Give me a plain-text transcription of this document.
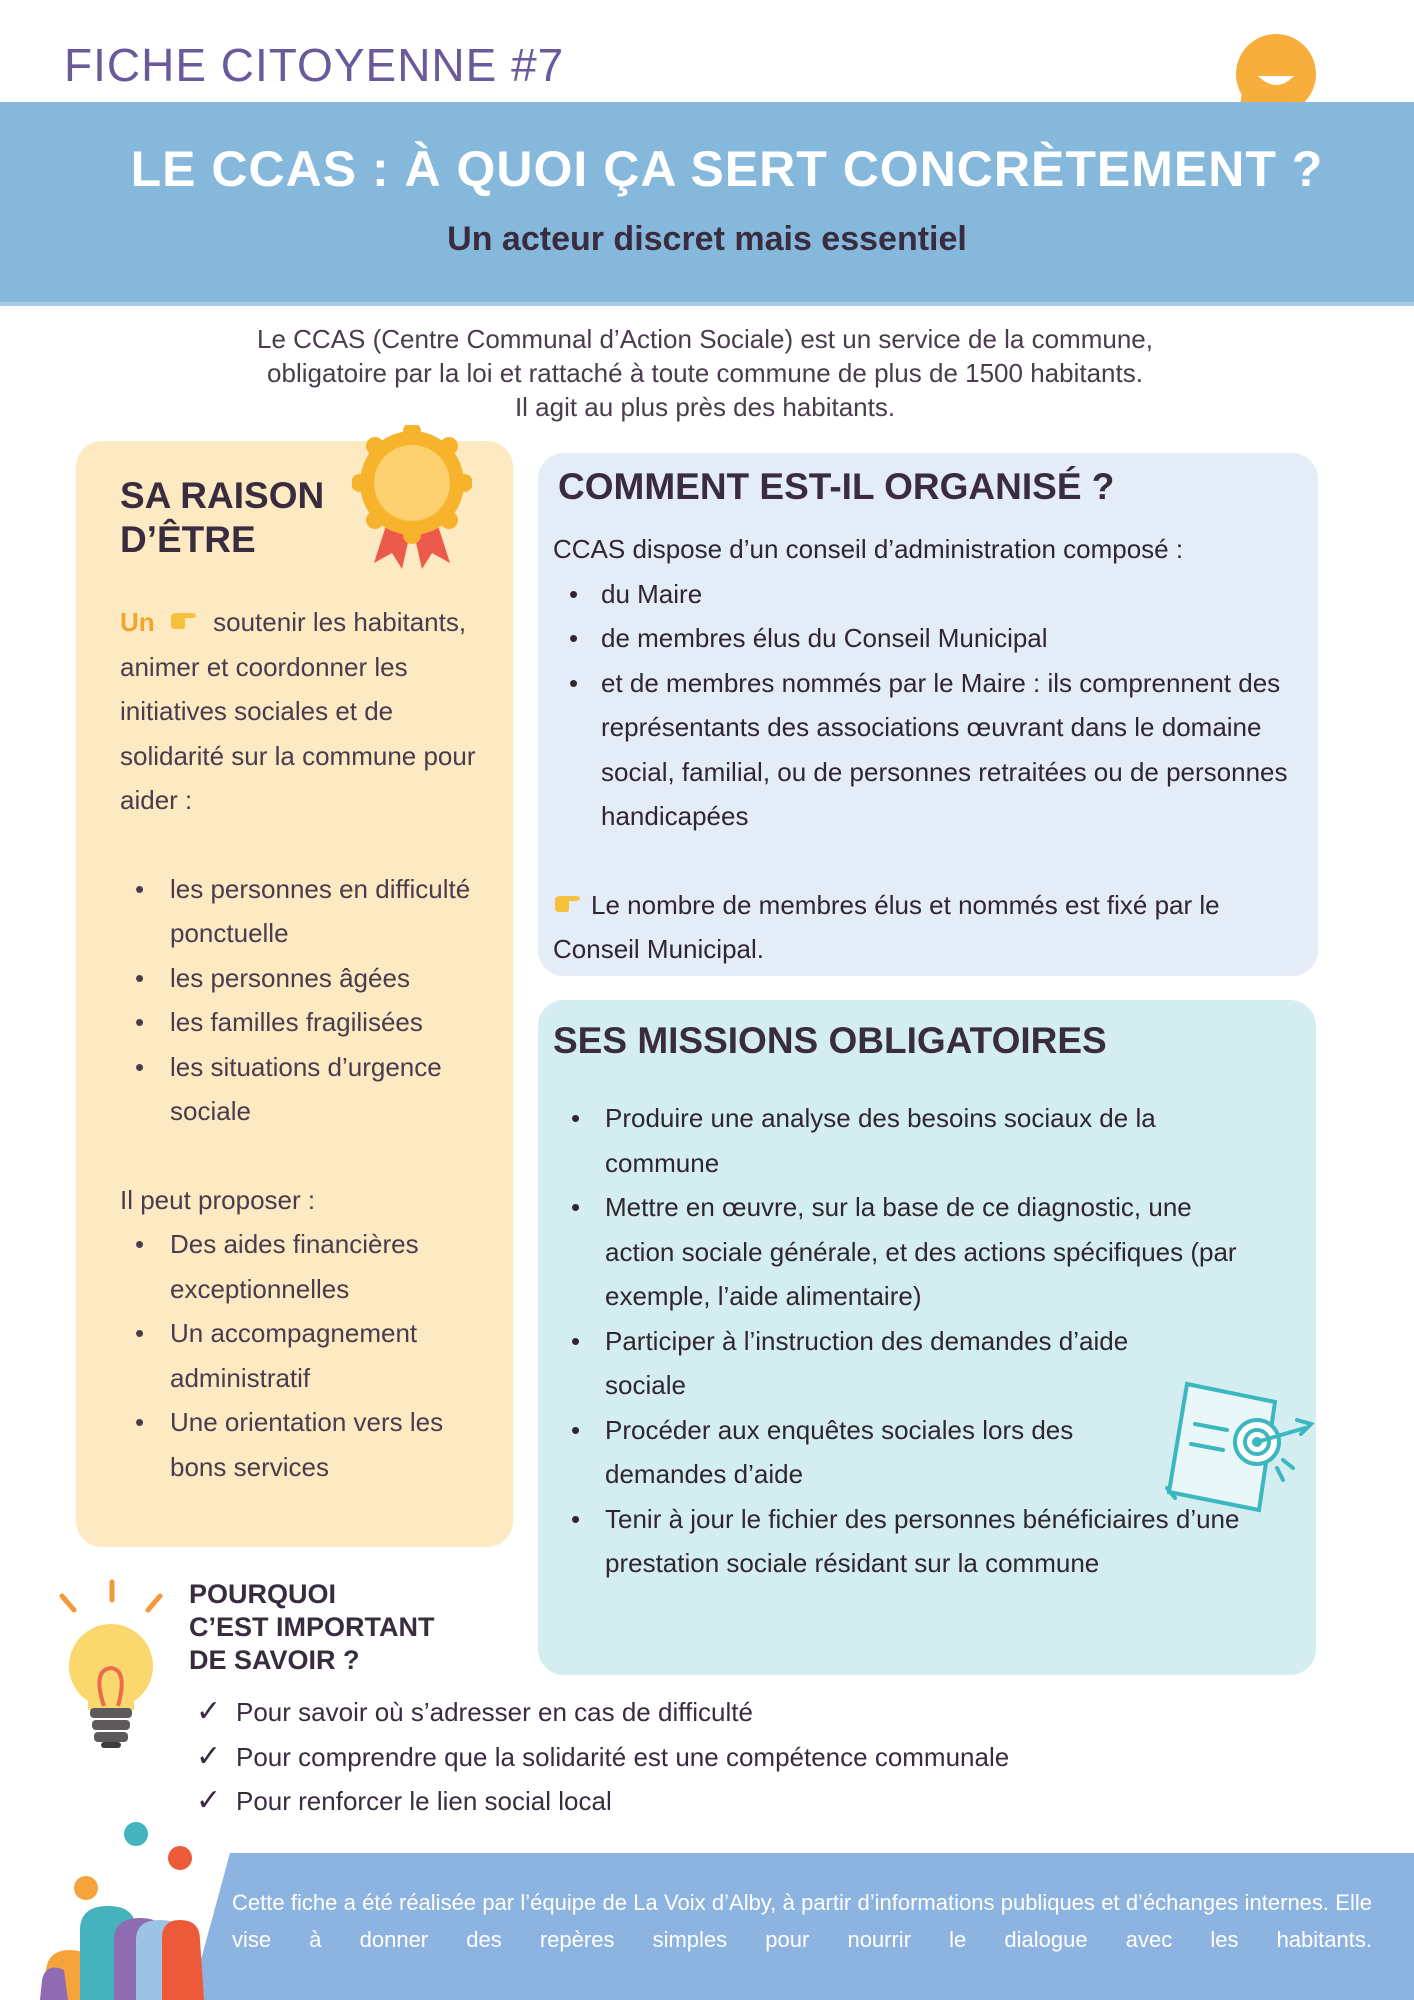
FICHE CITOYENNE #7
LE CCAS : À QUOI ÇA SERT CONCRÈTEMENT ?
Un acteur discret mais essentiel
Le CCAS (Centre Communal d’Action Sociale) est un service de la commune,
obligatoire par la loi et rattaché à toute commune de plus de 1500 habitants.
Il agit au plus près des habitants.
SA RAISON
D’ÊTRE
Un soutenir les habitants, animer et coordonner les initiatives sociales et de solidarité sur la commune pour aider :
• les personnes en difficulté ponctuelle
• les personnes âgées
• les familles fragilisées
• les situations d’urgence sociale
Il peut proposer :
• Des aides financières exceptionnelles
• Un accompagnement administratif
• Une orientation vers les bons services
COMMENT EST-IL ORGANISÉ ?
CCAS dispose d’un conseil d’administration composé :
• du Maire
• de membres élus du Conseil Municipal
• et de membres nommés par le Maire : ils comprennent des représentants des associations œuvrant dans le domaine social, familial, ou de personnes retraitées ou de personnes handicapées
Le nombre de membres élus et nommés est fixé par le Conseil Municipal.
SES MISSIONS OBLIGATOIRES
• Produire une analyse des besoins sociaux de la commune
• Mettre en œuvre, sur la base de ce diagnostic, une action sociale générale, et des actions spécifiques (par exemple, l’aide alimentaire)
• Participer à l’instruction des demandes d’aide sociale
• Procéder aux enquêtes sociales lors des demandes d’aide
• Tenir à jour le fichier des personnes bénéficiaires d’une prestation sociale résidant sur la commune
POURQUOI
C’EST IMPORTANT
DE SAVOIR ?
✓ Pour savoir où s’adresser en cas de difficulté
✓ Pour comprendre que la solidarité est une compétence communale
✓ Pour renforcer le lien social local
Cette fiche a été réalisée par l’équipe de La Voix d’Alby, à partir d’informations publiques et d’échanges internes. Elle vise à donner des repères simples pour nourrir le dialogue avec les habitants.
